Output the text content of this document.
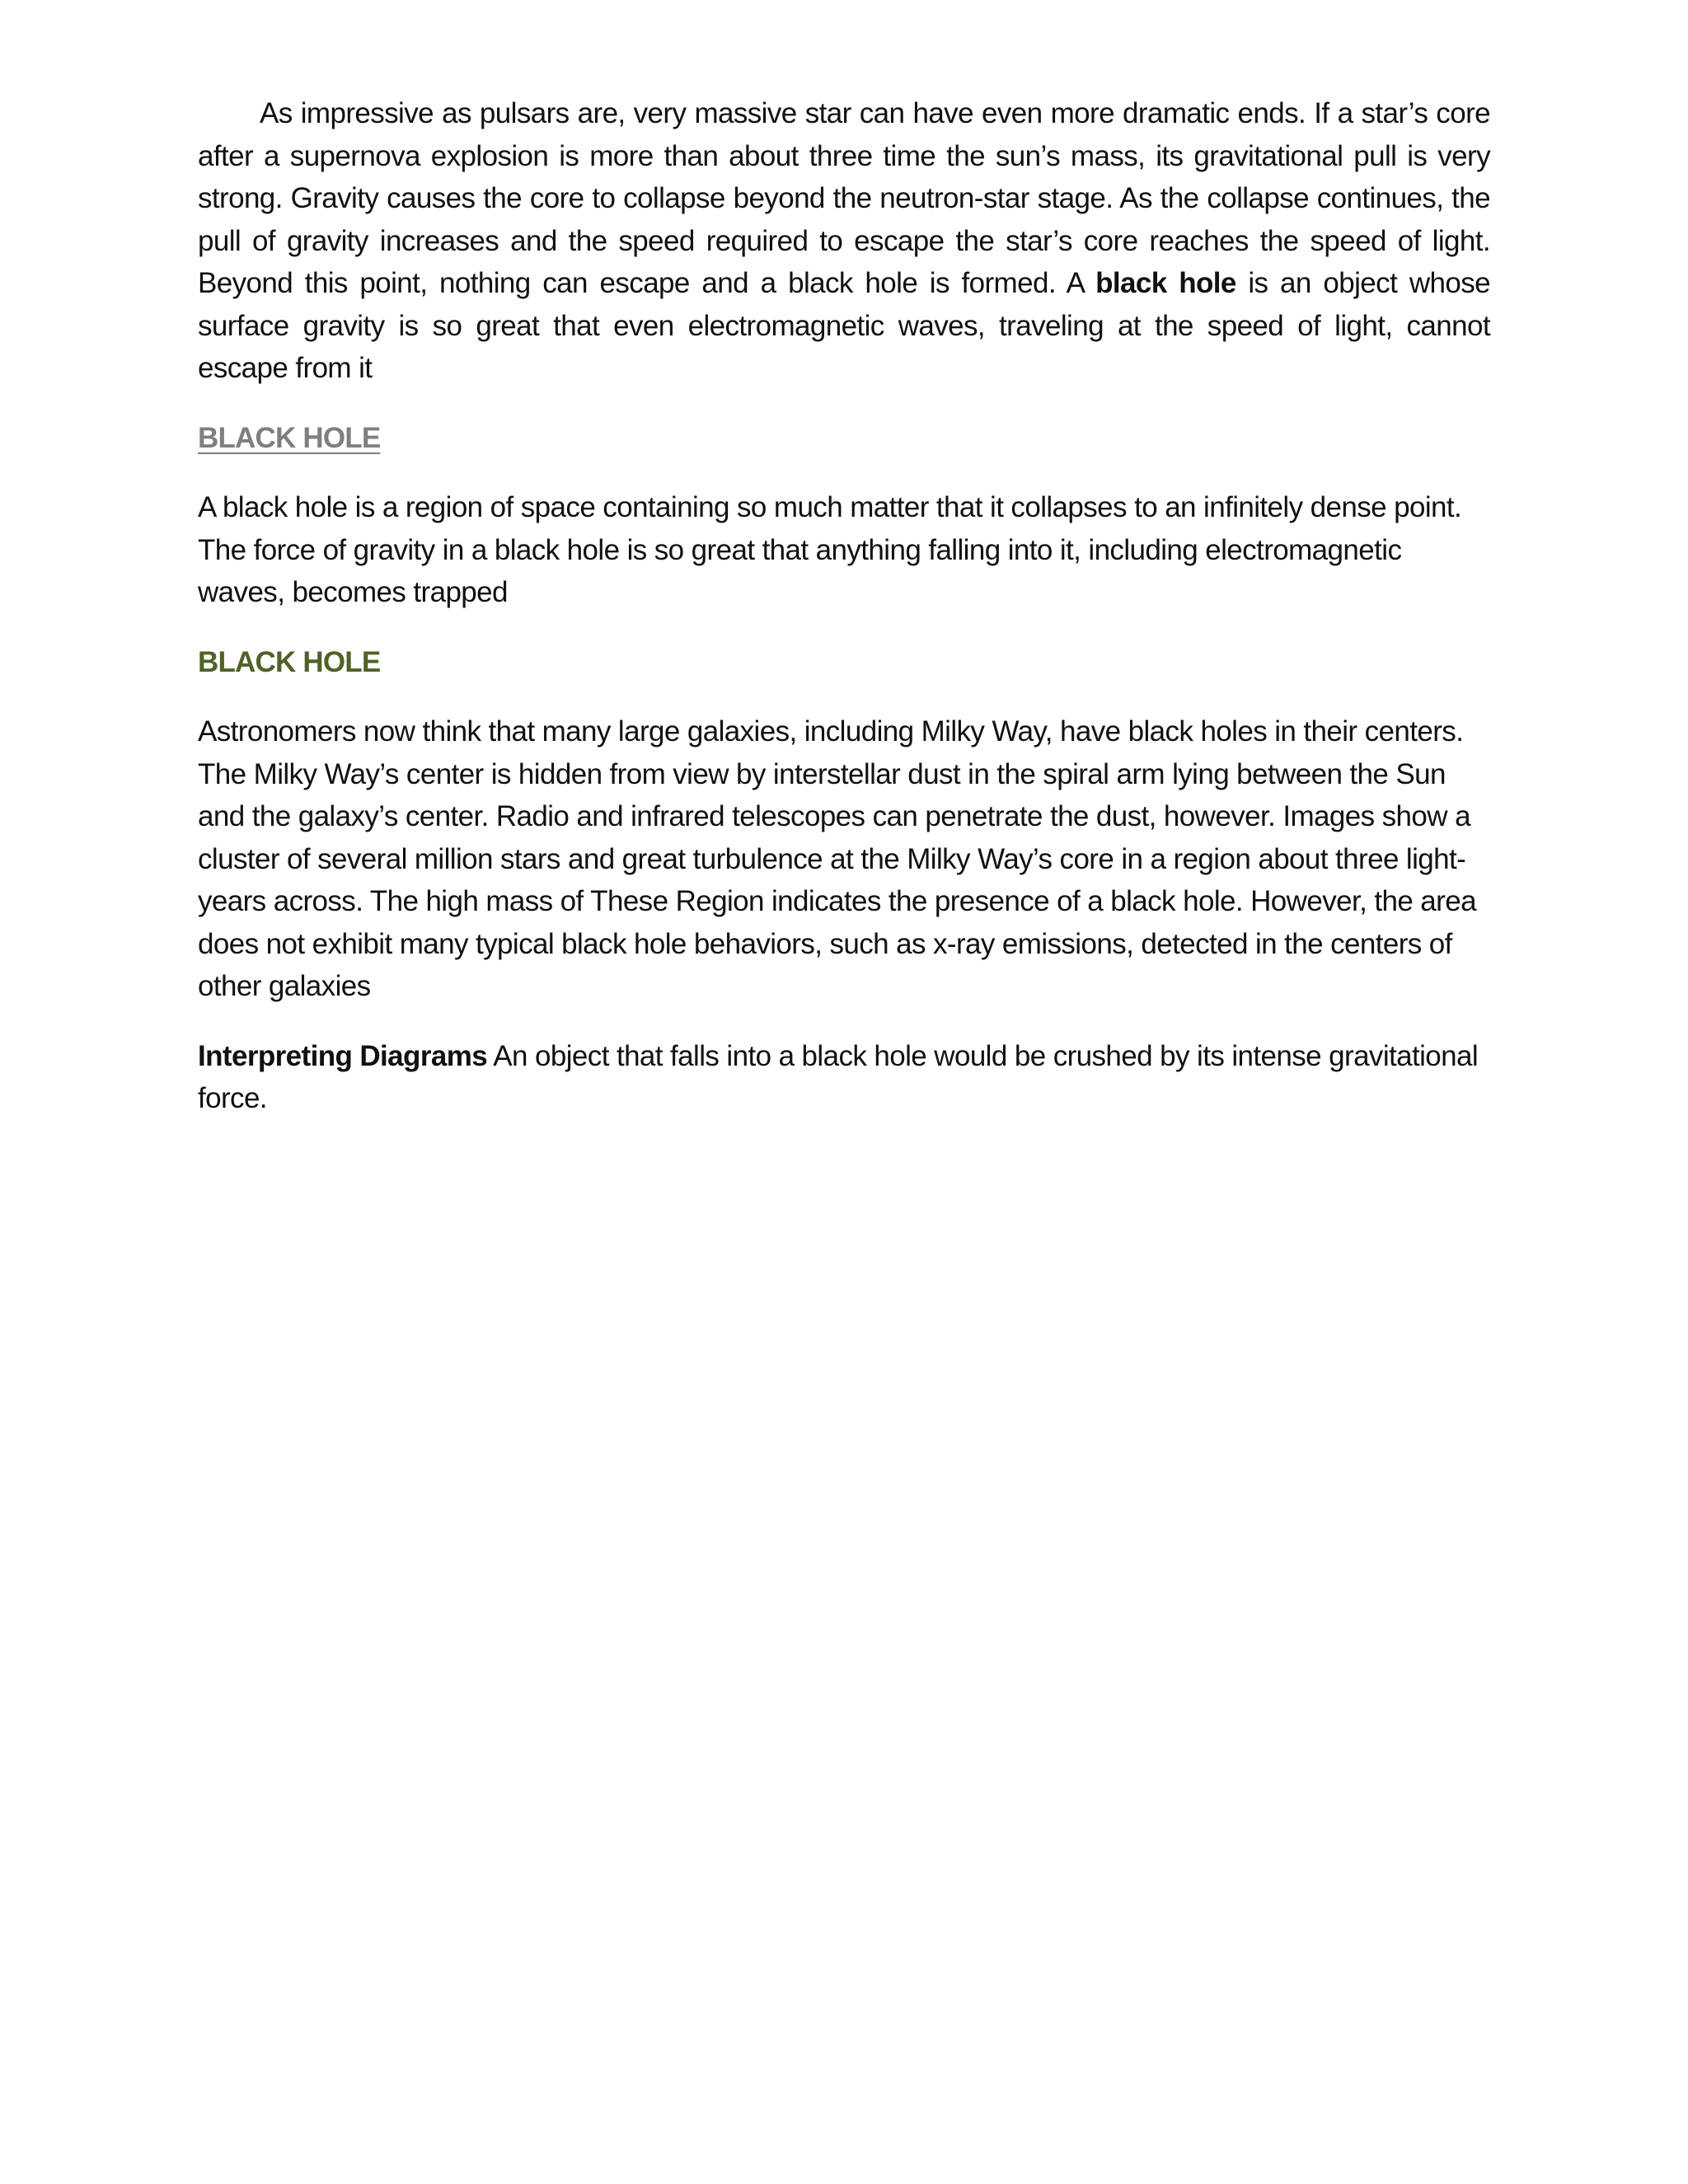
As impressive as pulsars are, very massive star can have even more dramatic ends. If a star’s core after a supernova explosion is more than about three time the sun’s mass, its gravitational pull is very strong. Gravity causes the core to collapse beyond the neutron-star stage. As the collapse continues, the pull of gravity increases and the speed required to escape the star’s core reaches the speed of light. Beyond this point, nothing can escape and a black hole is formed. A black hole is an object whose surface gravity is so great that even electromagnetic waves, traveling at the speed of light, cannot escape from it

BLACK HOLE

A black hole is a region of space containing so much matter that it collapses to an infinitely dense point. The force of gravity in a black hole is so great that anything falling into it, including electromagnetic waves, becomes trapped

BLACK HOLE

Astronomers now think that many large galaxies, including Milky Way, have black holes in their centers. The Milky Way’s center is hidden from view by interstellar dust in the spiral arm lying between the Sun and the galaxy’s center. Radio and infrared telescopes can penetrate the dust, however. Images show a cluster of several million stars and great turbulence at the Milky Way’s core in a region about three light-years across. The high mass of These Region indicates the presence of a black hole. However, the area does not exhibit many typical black hole behaviors, such as x-ray emissions, detected in the centers of other galaxies

Interpreting Diagrams An object that falls into a black hole would be crushed by its intense gravitational force.
